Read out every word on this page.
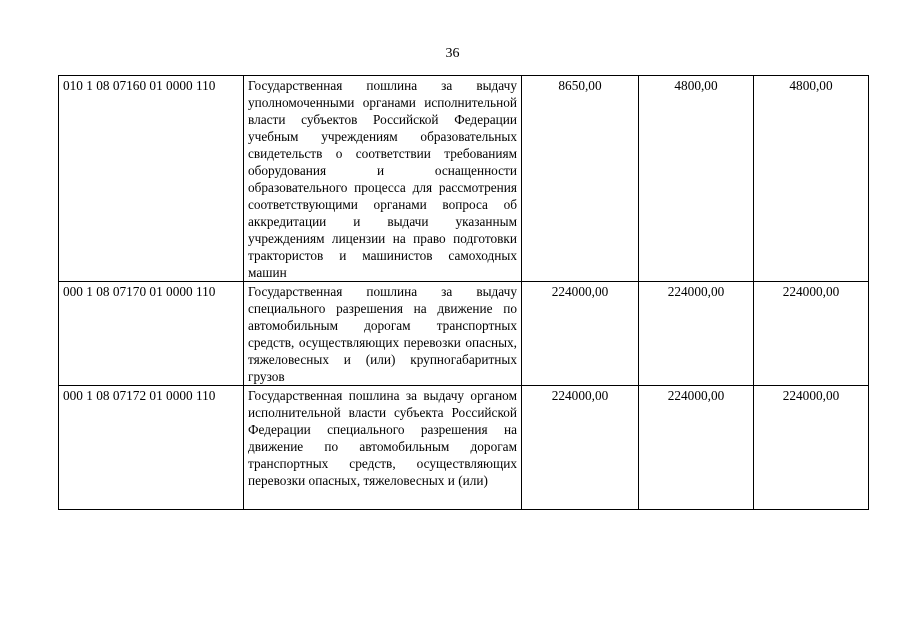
36
010 1 08 07160 01 0000 110	Государственная пошлина за выдачу уполномоченными органами исполнительной власти субъектов Российской Федерации учебным учреждениям образовательных свидетельств о соответствии требованиям оборудования и оснащенности образовательного процесса для рассмотрения соответствующими органами вопроса об аккредитации и выдачи указанным учреждениям лицензии на право подготовки трактористов и машинистов самоходных машин	8650,00	4800,00	4800,00
000 1 08 07170 01 0000 110	Государственная пошлина за выдачу специального разрешения на движение по автомобильным дорогам транспортных средств, осуществляющих перевозки опасных, тяжеловесных и (или) крупногабаритных грузов	224000,00	224000,00	224000,00
000 1 08 07172 01 0000 110	Государственная пошлина за выдачу органом исполнительной власти субъекта Российской Федерации специального разрешения на движение по автомобильным дорогам транспортных средств, осуществляющих перевозки опасных, тяжеловесных и (или)	224000,00	224000,00	224000,00
